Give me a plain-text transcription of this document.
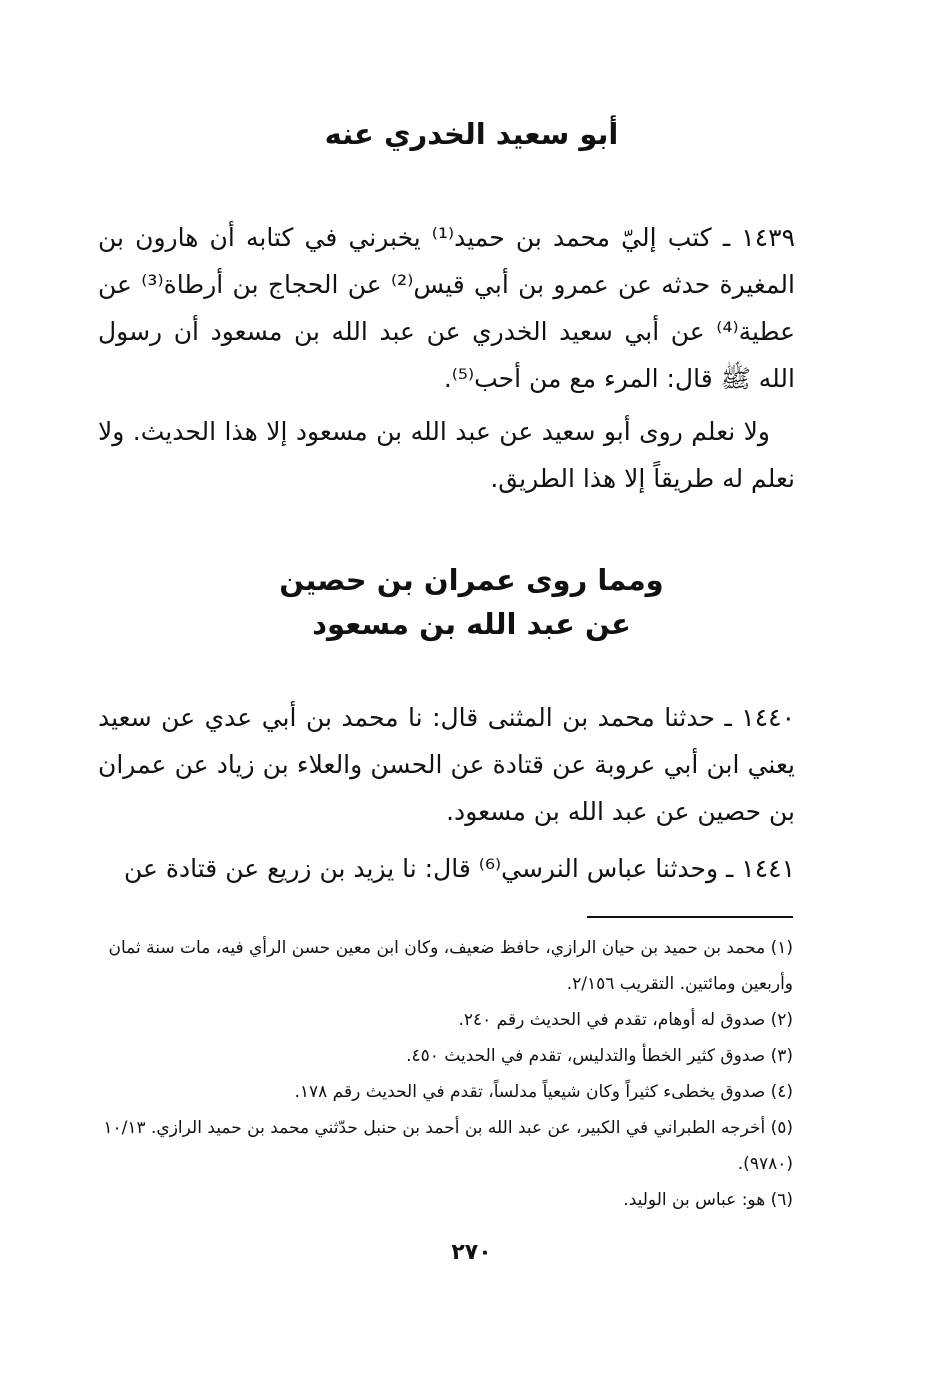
أبو سعيد الخدري عنه

١٤٣٩ ـ كتب إليّ محمد بن حميد⁽¹⁾ يخبرني في كتابه أن هارون بن المغيرة حدثه عن عمرو بن أبي قيس⁽²⁾ عن الحجاج بن أرطاة⁽³⁾ عن عطية⁽⁴⁾ عن أبي سعيد الخدري عن عبد الله بن مسعود أن رسول الله ﷺ قال: المرء مع من أحب⁽⁵⁾.

ولا نعلم روى أبو سعيد عن عبد الله بن مسعود إلا هذا الحديث. ولا نعلم له طريقاً إلا هذا الطريق.

ومما روى عمران بن حصين
عن عبد الله بن مسعود

١٤٤٠ ـ حدثنا محمد بن المثنى قال: نا محمد بن أبي عدي عن سعيد يعني ابن أبي عروبة عن قتادة عن الحسن والعلاء بن زياد عن عمران بن حصين عن عبد الله بن مسعود.

١٤٤١ ـ وحدثنا عباس النرسي⁽⁶⁾ قال: نا يزيد بن زريع عن قتادة عن

(١) محمد بن حميد بن حيان الرازي، حافظ ضعيف، وكان ابن معين حسن الرأي فيه، مات سنة ثمان وأربعين ومائتين. التقريب ٢/١٥٦.
(٢) صدوق له أوهام، تقدم في الحديث رقم ٢٤٠.
(٣) صدوق كثير الخطأ والتدليس، تقدم في الحديث ٤٥٠.
(٤) صدوق يخطىء كثيراً وكان شيعياً مدلساً، تقدم في الحديث رقم ١٧٨.
(٥) أخرجه الطبراني في الكبير، عن عبد الله بن أحمد بن حنبل حدّثني محمد بن حميد الرازي. ١٠/١٣ (٩٧٨٠).
(٦) هو: عباس بن الوليد.
٢٧٠
